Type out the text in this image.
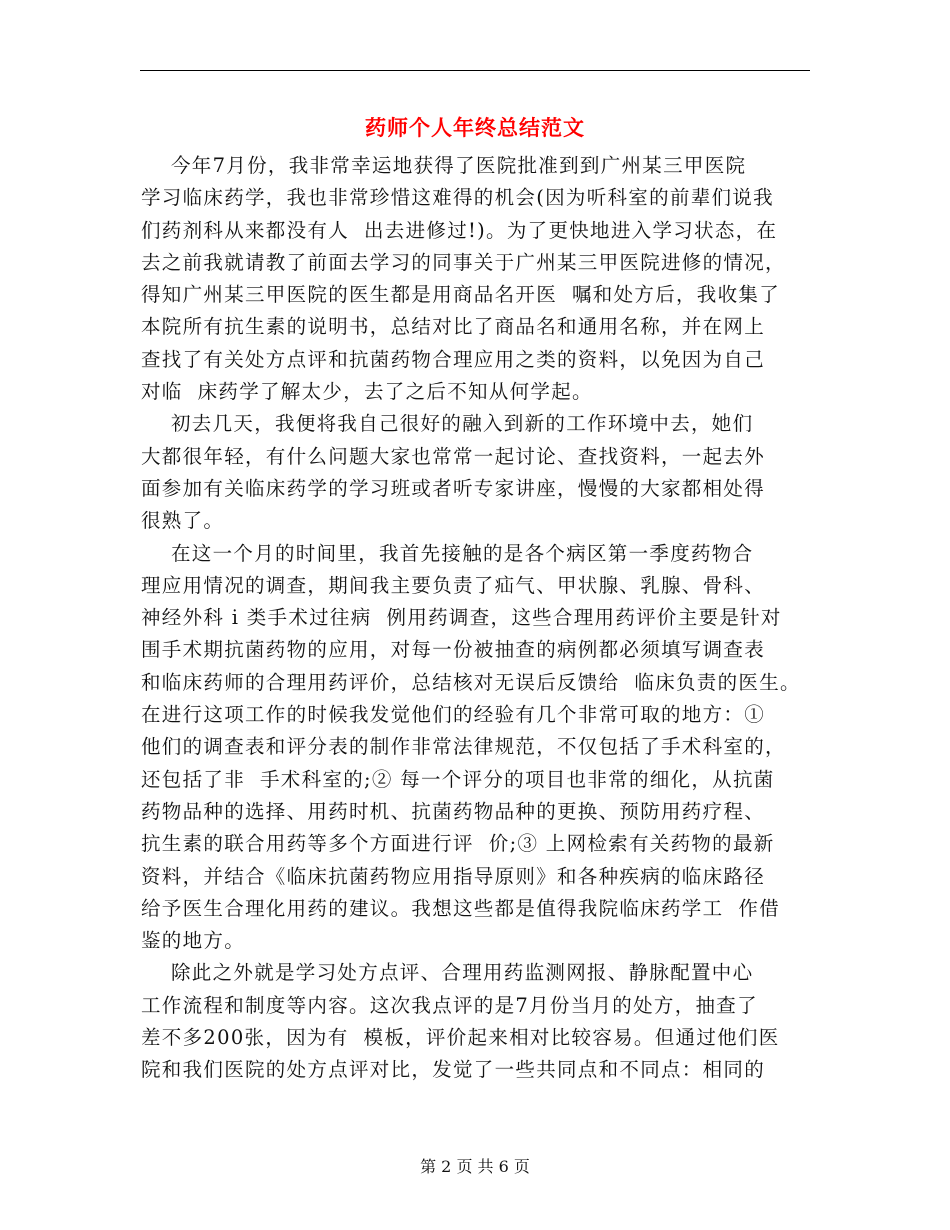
药师个人年终总结范文
今年7月份，我非常幸运地获得了医院批准到到广州某三甲医院
学习临床药学，我也非常珍惜这难得的机会(因为听科室的前辈们说我
们药剂科从来都没有人  出去进修过!)。为了更快地进入学习状态，在
去之前我就请教了前面去学习的同事关于广州某三甲医院进修的情况，
得知广州某三甲医院的医生都是用商品名开医  嘱和处方后，我收集了
本院所有抗生素的说明书，总结对比了商品名和通用名称，并在网上
查找了有关处方点评和抗菌药物合理应用之类的资料，以免因为自己
对临  床药学了解太少，去了之后不知从何学起。
初去几天，我便将我自己很好的融入到新的工作环境中去，她们
大都很年轻，有什么问题大家也常常一起讨论、查找资料，一起去外
面参加有关临床药学的学习班或者听专家讲座，慢慢的大家都相处得
很熟了。
在这一个月的时间里，我首先接触的是各个病区第一季度药物合
理应用情况的调查，期间我主要负责了疝气、甲状腺、乳腺、骨科、
神经外科 i 类手术过往病  例用药调查，这些合理用药评价主要是针对
围手术期抗菌药物的应用，对每一份被抽查的病例都必须填写调查表
和临床药师的合理用药评价，总结核对无误后反馈给  临床负责的医生。
在进行这项工作的时候我发觉他们的经验有几个非常可取的地方：①
他们的调查表和评分表的制作非常法律规范，不仅包括了手术科室的，
还包括了非  手术科室的;② 每一个评分的项目也非常的细化，从抗菌
药物品种的选择、用药时机、抗菌药物品种的更换、预防用药疗程、
抗生素的联合用药等多个方面进行评  价;③ 上网检索有关药物的最新
资料，并结合《临床抗菌药物应用指导原则》和各种疾病的临床路径
给予医生合理化用药的建议。我想这些都是值得我院临床药学工  作借
鉴的地方。
除此之外就是学习处方点评、合理用药监测网报、静脉配置中心
工作流程和制度等内容。这次我点评的是7月份当月的处方，抽查了
差不多200张，因为有  模板，评价起来相对比较容易。但通过他们医
院和我们医院的处方点评对比，发觉了一些共同点和不同点：相同的
第 2 页 共 6 页
